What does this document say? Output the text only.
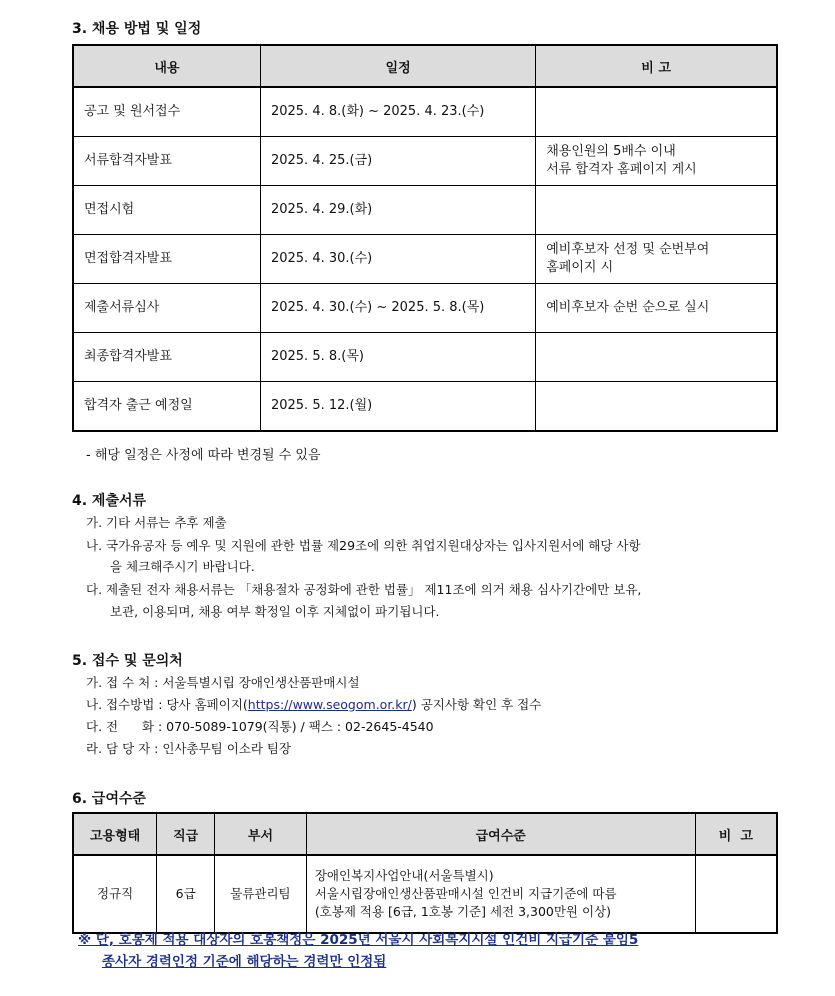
3. 채용 방법 및 일정
내용	일정	비 고
공고 및 원서접수	2025. 4. 8.(화) ~ 2025. 4. 23.(수)	
서류합격자발표	2025. 4. 25.(금)	채용인원의 5배수 이내
서류 합격자 홈페이지 게시

면접시험	2025. 4. 29.(화)	
면접합격자발표	2025. 4. 30.(수)	예비후보자 선정 및 순번부여
홈페이지 시

제출서류심사	2025. 4. 30.(수) ~ 2025. 5. 8.(목)	예비후보자 순번 순으로 실시
최종합격자발표	2025. 5. 8.(목)	
합격자 출근 예정일	2025. 5. 12.(월)	
- 해당 일정은 사정에 따라 변경될 수 있음
4. 제출서류
가. 기타 서류는 추후 제출
나. 국가유공자 등 예우 및 지원에 관한 법률 제29조에 의한 취업지원대상자는 입사지원서에 해당 사항
을 체크해주시기 바랍니다.
다. 제출된 전자 채용서류는 「채용절차 공정화에 관한 법률」 제11조에 의거 채용 심사기간에만 보유,
보관, 이용되며, 채용 여부 확정일 이후 지체없이 파기됩니다.
5. 접수 및 문의처
가. 접 수 처 : 서울특별시립 장애인생산품판매시설
나. 접수방법 : 당사 홈페이지(https://www.seogom.or.kr/) 공지사항 확인 후 접수
다. 전      화 : 070-5089-1079(직통) / 팩스 : 02-2645-4540
라. 담 당 자 : 인사총무팀 이소라 팀장
6. 급여수준
고용형태	직급	부서	급여수준	비  고
정규직	6급	물류관리팀	장애인복지사업안내(서울특별시)
서울시립장애인생산품판매시설 인건비 지급기준에 따름
(호봉제 적용 [6급, 1호봉 기준] 세전 3,300만원 이상)	

※ 단, 호봉제 적용 대상자의 호봉책정은 2025년 서울시 사회복지시설 인건비 지급기준 붙임5
종사자 경력인정 기준에 해당하는 경력만 인정됨
